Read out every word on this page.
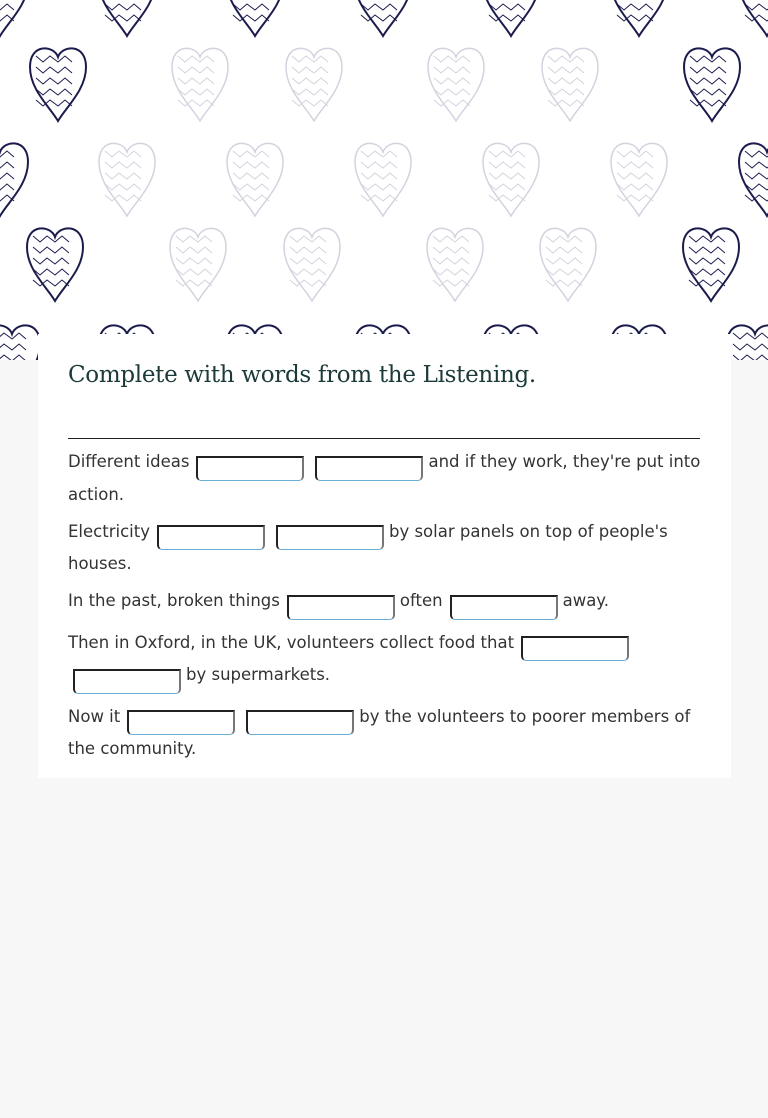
Complete with words from the Listening.

Different ideas	and if they work, they're put into action.

Electricity	by solar panels on top of people's houses.

In the past, broken things	often	away.

Then in Oxford, in the UK, volunteers collect food that by supermarkets.

Now it	by the volunteers to poorer members of the community.
